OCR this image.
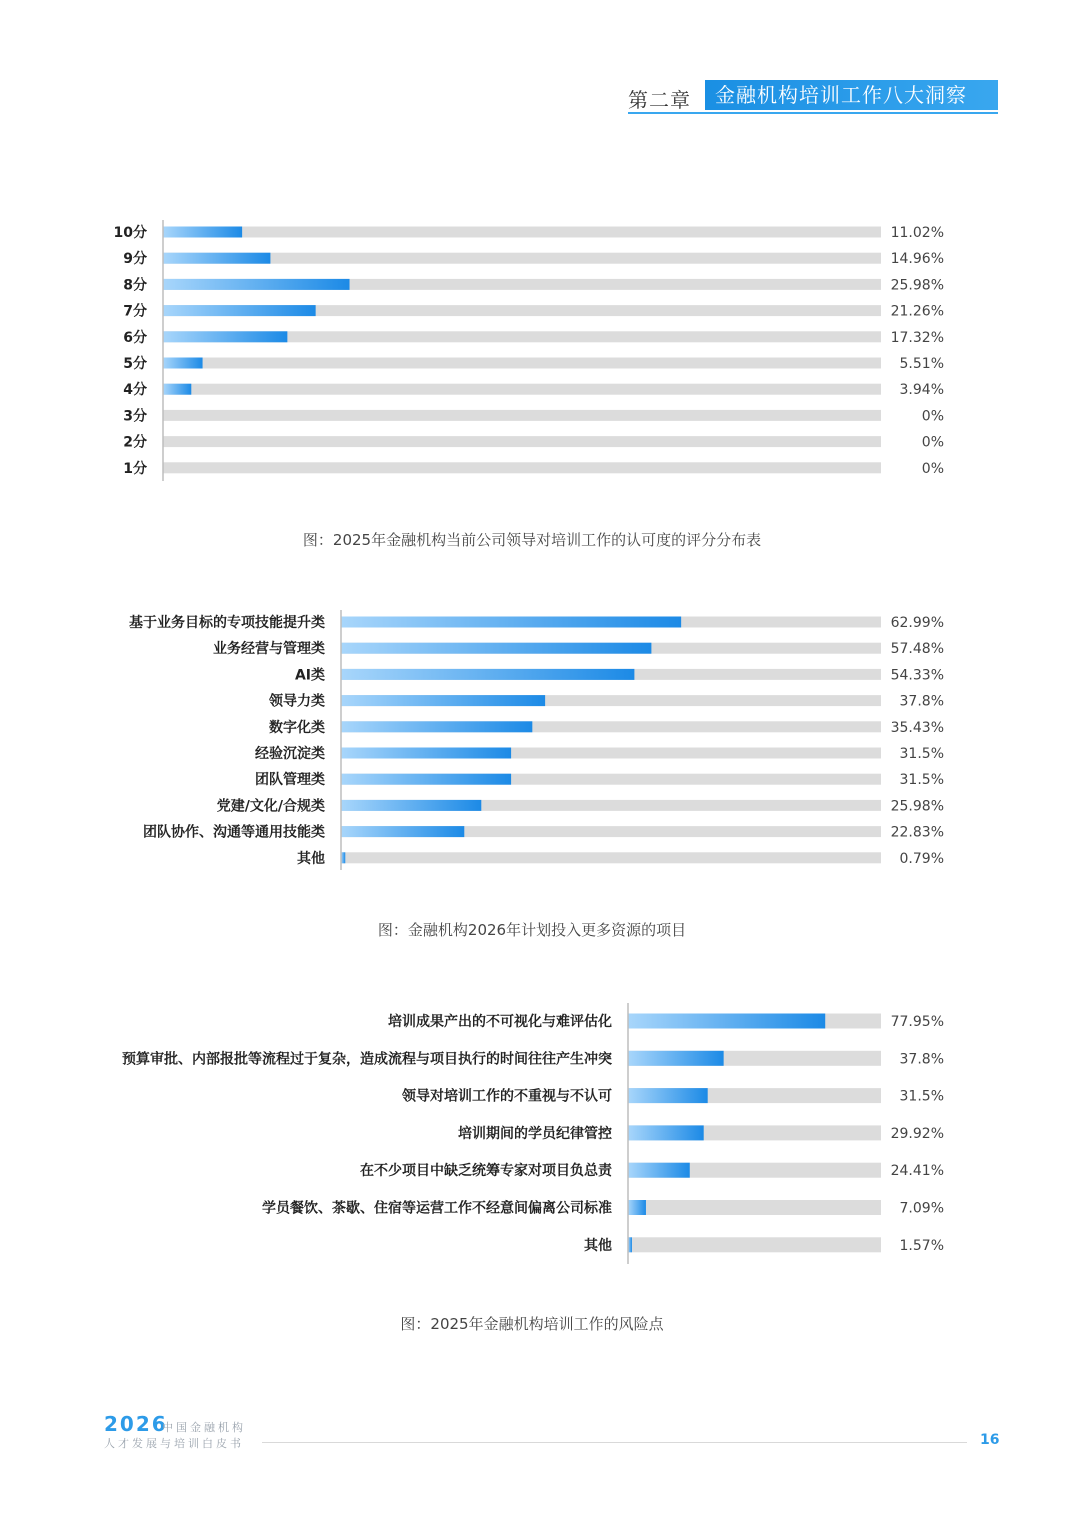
第二章	金融机构培训工作八大洞察
10分	11.02%
9分	14.96%
8分	25.98%
7分	21.26%
6分	17.32%
5分	5.51%
4分	3.94%
3分	0%
2分	0%
1分	0%
图：2025年金融机构当前公司领导对培训工作的认可度的评分分布表
基于业务目标的专项技能提升类	62.99%
业务经营与管理类	57.48%
AI类	54.33%
领导力类	37.8%
数字化类	35.43%
经验沉淀类	31.5%
团队管理类	31.5%
党建/文化/合规类	25.98%
团队协作、沟通等通用技能类	22.83%
其他	0.79%
图：金融机构2026年计划投入更多资源的项目
培训成果产出的不可视化与难评估化	77.95%
预算审批、内部报批等流程过于复杂，造成流程与项目执行的时间往往产生冲突	37.8%
领导对培训工作的不重视与不认可	31.5%
培训期间的学员纪律管控	29.92%
在不少项目中缺乏统筹专家对项目负总责	24.41%
学员餐饮、茶歇、住宿等运营工作不经意间偏离公司标准	7.09%
其他	1.57%
图：2025年金融机构培训工作的风险点
2026
中国金融机构
人才发展与培训白皮书	16
